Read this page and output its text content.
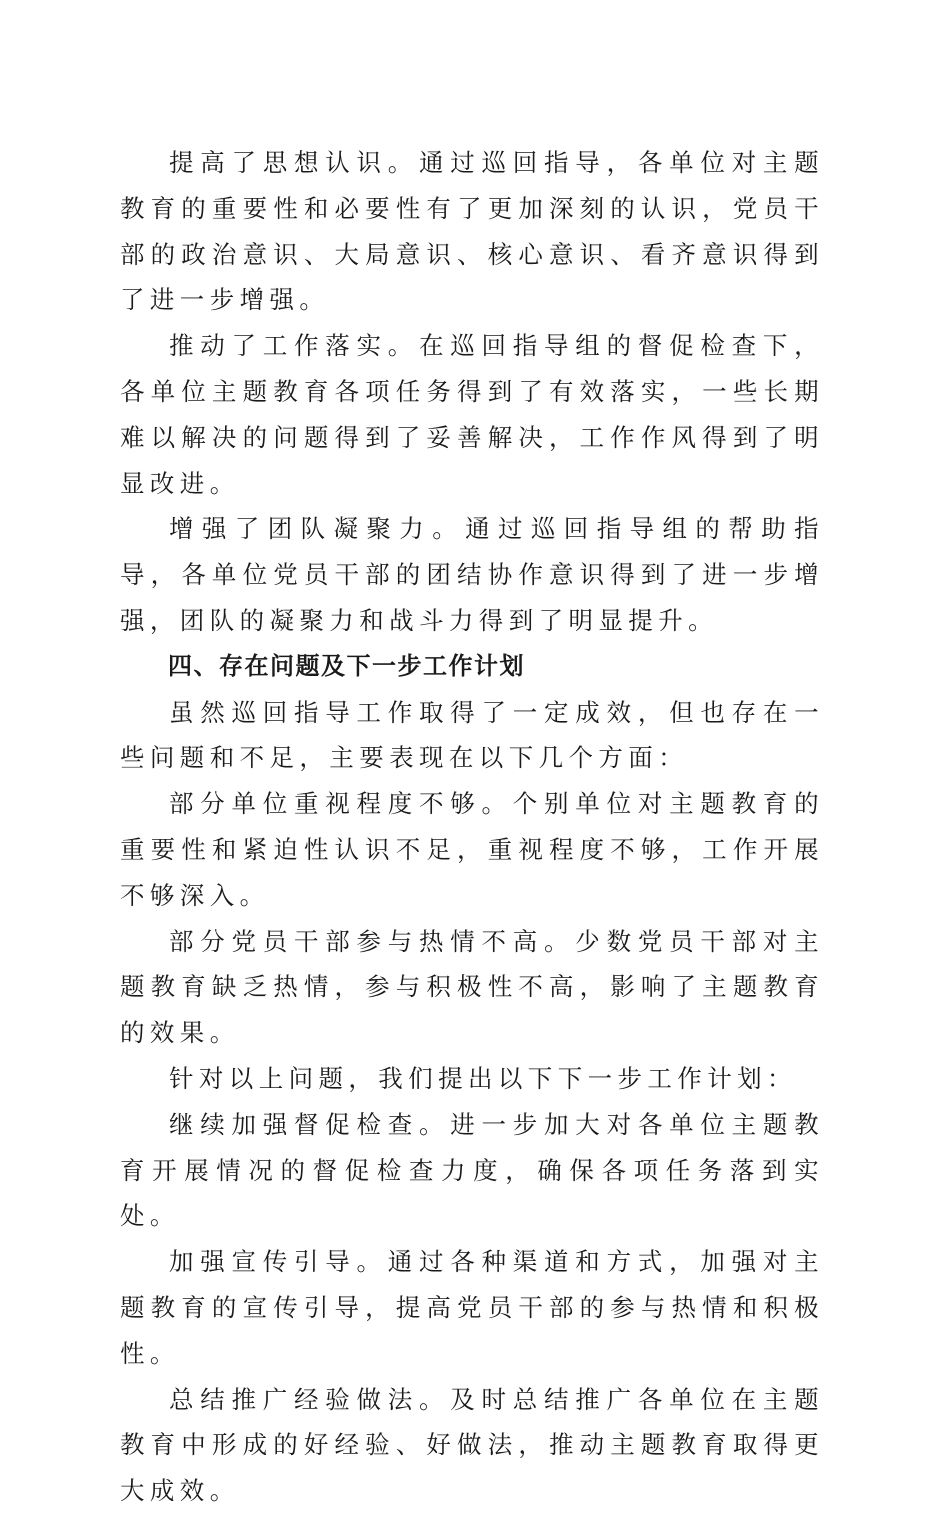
提高了思想认识。通过巡回指导，各单位对主题教育的重要性和必要性有了更加深刻的认识，党员干部的政治意识、大局意识、核心意识、看齐意识得到了进一步增强。

推动了工作落实。在巡回指导组的督促检查下，各单位主题教育各项任务得到了有效落实，一些长期难以解决的问题得到了妥善解决，工作作风得到了明显改进。

增强了团队凝聚力。通过巡回指导组的帮助指导，各单位党员干部的团结协作意识得到了进一步增强，团队的凝聚力和战斗力得到了明显提升。

四、存在问题及下一步工作计划

虽然巡回指导工作取得了一定成效，但也存在一些问题和不足，主要表现在以下几个方面：

部分单位重视程度不够。个别单位对主题教育的重要性和紧迫性认识不足，重视程度不够，工作开展不够深入。

部分党员干部参与热情不高。少数党员干部对主题教育缺乏热情，参与积极性不高，影响了主题教育的效果。

针对以上问题，我们提出以下下一步工作计划：

继续加强督促检查。进一步加大对各单位主题教育开展情况的督促检查力度，确保各项任务落到实处。

加强宣传引导。通过各种渠道和方式，加强对主题教育的宣传引导，提高党员干部的参与热情和积极性。

总结推广经验做法。及时总结推广各单位在主题教育中形成的好经验、好做法，推动主题教育取得更大成效。
